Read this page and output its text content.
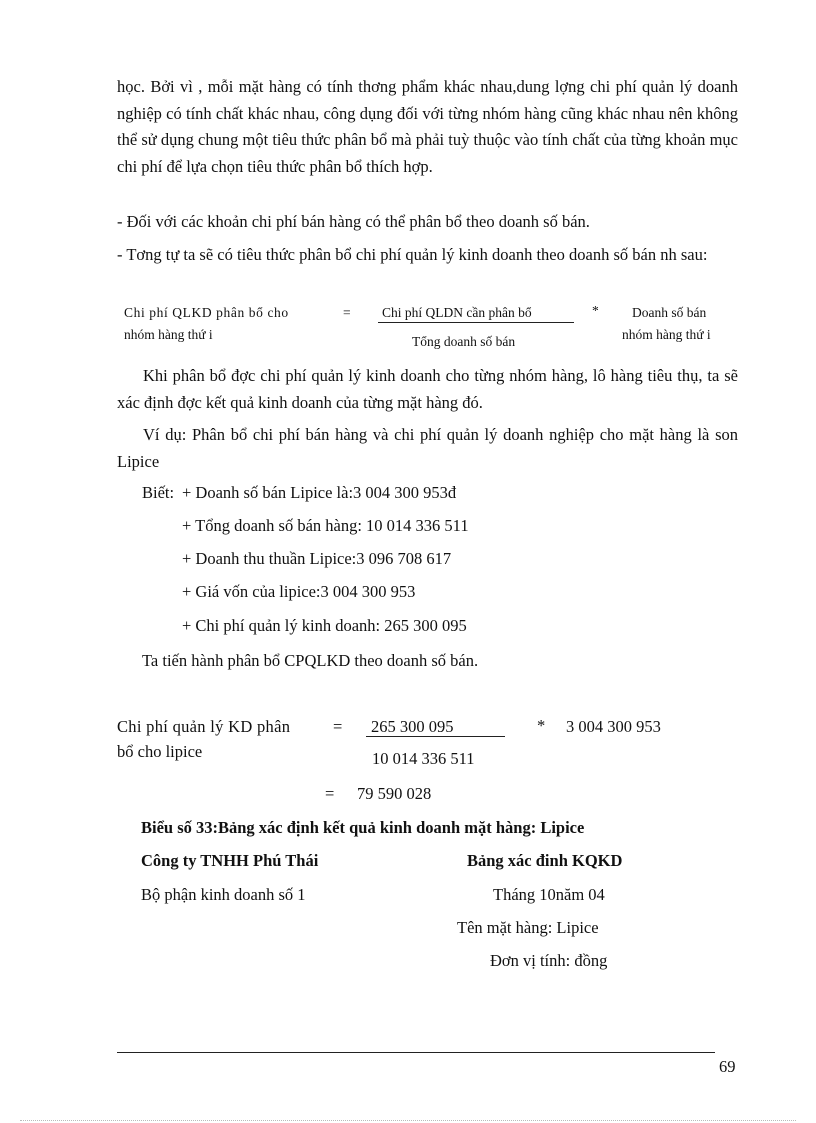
học. Bởi vì , mỗi mặt hàng có tính thơng phẩm khác nhau,dung lợng chi phí quản lý doanh nghiệp có tính chất khác nhau, công dụng đối với từng nhóm hàng cũng khác nhau nên không thể sử dụng chung một tiêu thức phân bổ mà phải tuỳ thuộc vào tính chất của từng khoản mục chi phí để lựa chọn tiêu thức phân bổ thích hợp.
- Đối với các khoản chi phí bán hàng có thể phân bổ theo doanh số bán.
- Tơng tự ta sẽ có tiêu thức phân bổ chi phí quản lý kinh doanh theo doanh số bán nh sau:
Chi phí QLKD phân bổ cho
nhóm hàng thứ i
= Chi phí QLDN cần phân bổ
Tổng doanh số bán
* Doanh số bán
nhóm hàng thứ i
Khi phân bổ đợc chi phí quản lý kinh doanh cho từng nhóm hàng, lô hàng tiêu thụ, ta sẽ xác định đợc kết quả kinh doanh của từng mặt hàng đó.
Ví dụ: Phân bổ chi phí bán hàng và chi phí quản lý doanh nghiệp cho mặt hàng là son Lipice
Biết: + Doanh số bán Lipice là:3 004 300 953đ
+ Tổng doanh số bán hàng: 10 014 336 511
+ Doanh thu thuần Lipice:3 096 708 617
+ Giá vốn của lipice:3 004 300 953
+ Chi phí quản lý kinh doanh: 265 300 095
Ta tiến hành phân bổ CPQLKD theo doanh số bán.
Chi phí quản lý KD phân
bổ cho lipice
= 265 300 095
10 014 336 511
* 3 004 300 953
= 79 590 028
Biểu số 33:Bảng xác định kết quả kinh doanh mặt hàng: Lipice
Công ty TNHH Phú Thái	Bảng xác đinh KQKD
Bộ phận kinh doanh số 1	Tháng 10năm 04
Tên mặt hàng: Lipice
Đơn vị tính: đồng
69
